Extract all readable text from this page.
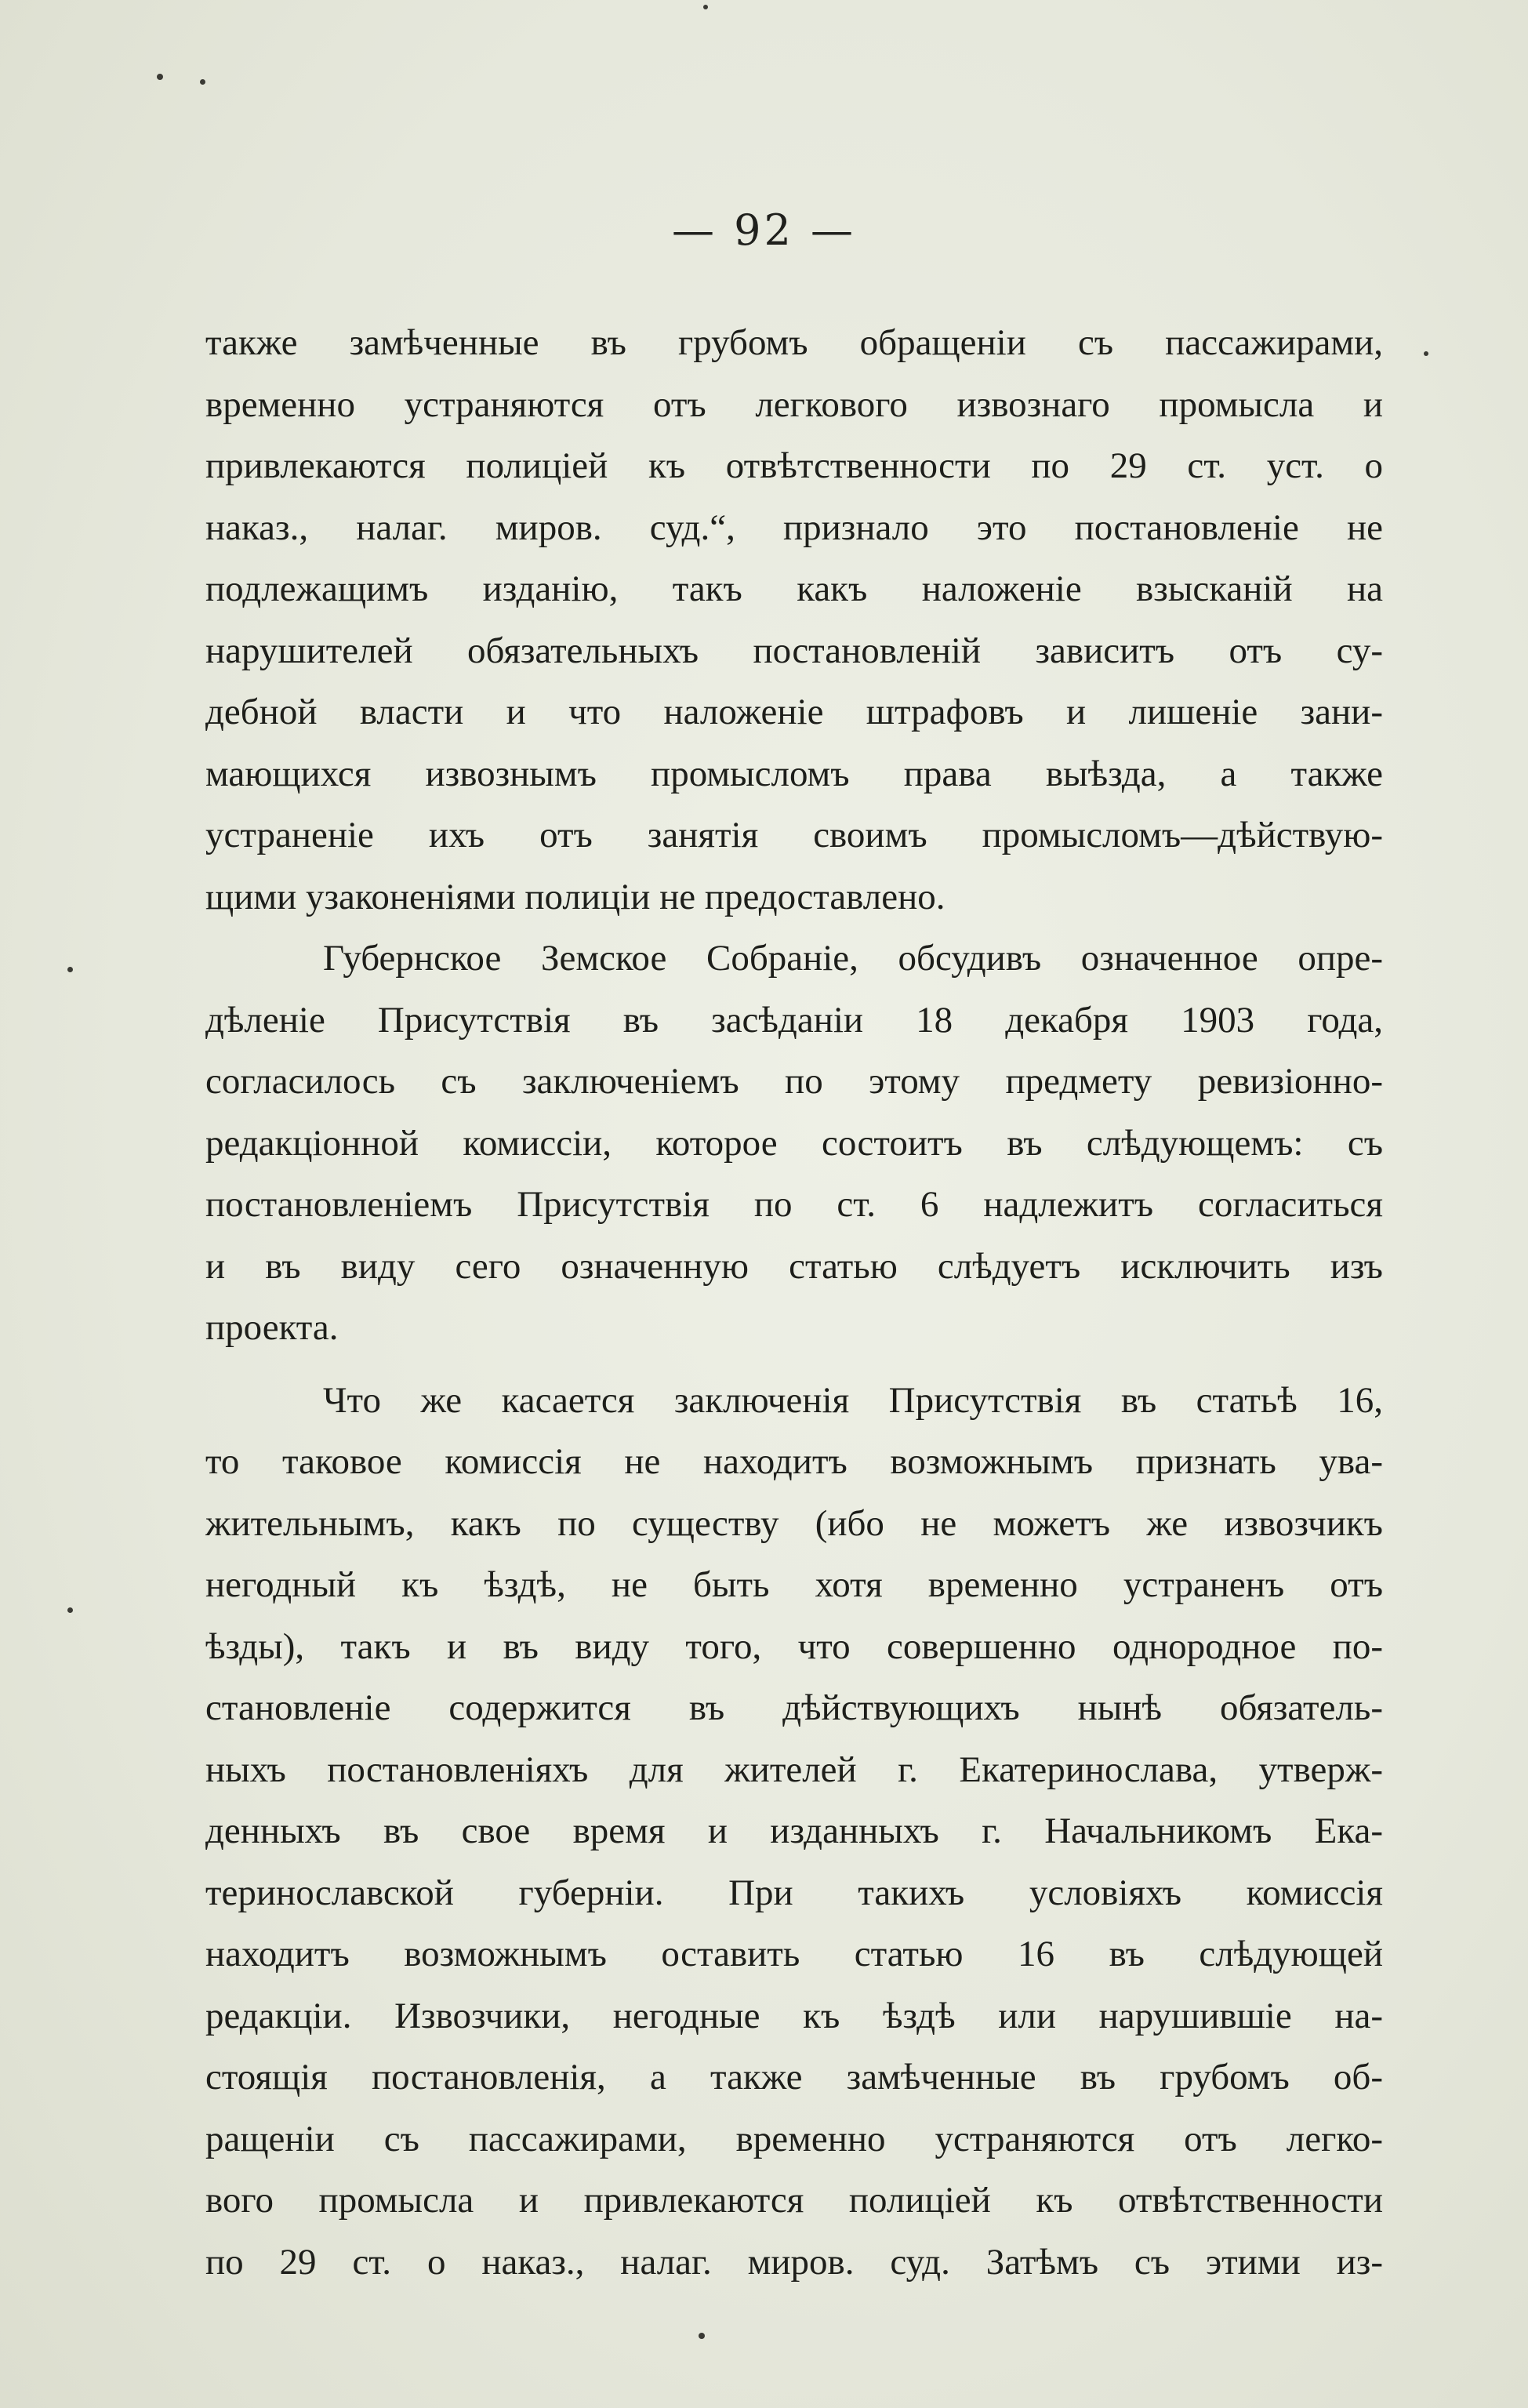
— 92 —
также замѣченные въ грубомъ обращеніи съ пассажирами,
временно устраняются отъ легкового извознаго промысла и
привлекаются полиціей къ отвѣтственности по 29 ст. уст. о
наказ., налаг. миров. суд.“, признало это постановленіе не
подлежащимъ изданію, такъ какъ наложеніе взысканій на
нарушителей обязательныхъ постановленій зависитъ отъ су-
дебной власти и что наложеніе штрафовъ и лишеніе зани-
мающихся извознымъ промысломъ права выѣзда, а также
устраненіе ихъ отъ занятія своимъ промысломъ—дѣйствую-
щими узаконеніями полиціи не предоставлено.
Губернское Земское Собраніе, обсудивъ означенное опре-
дѣленіе Присутствія въ засѣданіи 18 декабря 1903 года,
согласилось съ заключеніемъ по этому предмету ревизіонно-
редакціонной комиссіи, которое состоитъ въ слѣдующемъ: съ
постановленіемъ Присутствія по ст. 6 надлежитъ согласиться
и въ виду сего означенную статью слѣдуетъ исключить изъ
проекта.
Что же касается заключенія Присутствія въ статьѣ 16,
то таковое комиссія не находитъ возможнымъ признать ува-
жительнымъ, какъ по существу (ибо не можетъ же извозчикъ
негодный къ ѣздѣ, не быть хотя временно устраненъ отъ
ѣзды), такъ и въ виду того, что совершенно однородное по-
становленіе содержится въ дѣйствующихъ нынѣ обязатель-
ныхъ постановленіяхъ для жителей г. Екатеринослава, утверж-
денныхъ въ свое время и изданныхъ г. Начальникомъ Ека-
теринославской губерніи. При такихъ условіяхъ комиссія
находитъ возможнымъ оставить статью 16 въ слѣдующей
редакціи. Извозчики, негодные къ ѣздѣ или нарушившіе на-
стоящія постановленія, а также замѣченные въ грубомъ об-
ращеніи съ пассажирами, временно устраняются отъ легко-
вого промысла и привлекаются полиціей къ отвѣтственности
по 29 ст. о наказ., налаг. миров. суд. Затѣмъ съ этими из-
